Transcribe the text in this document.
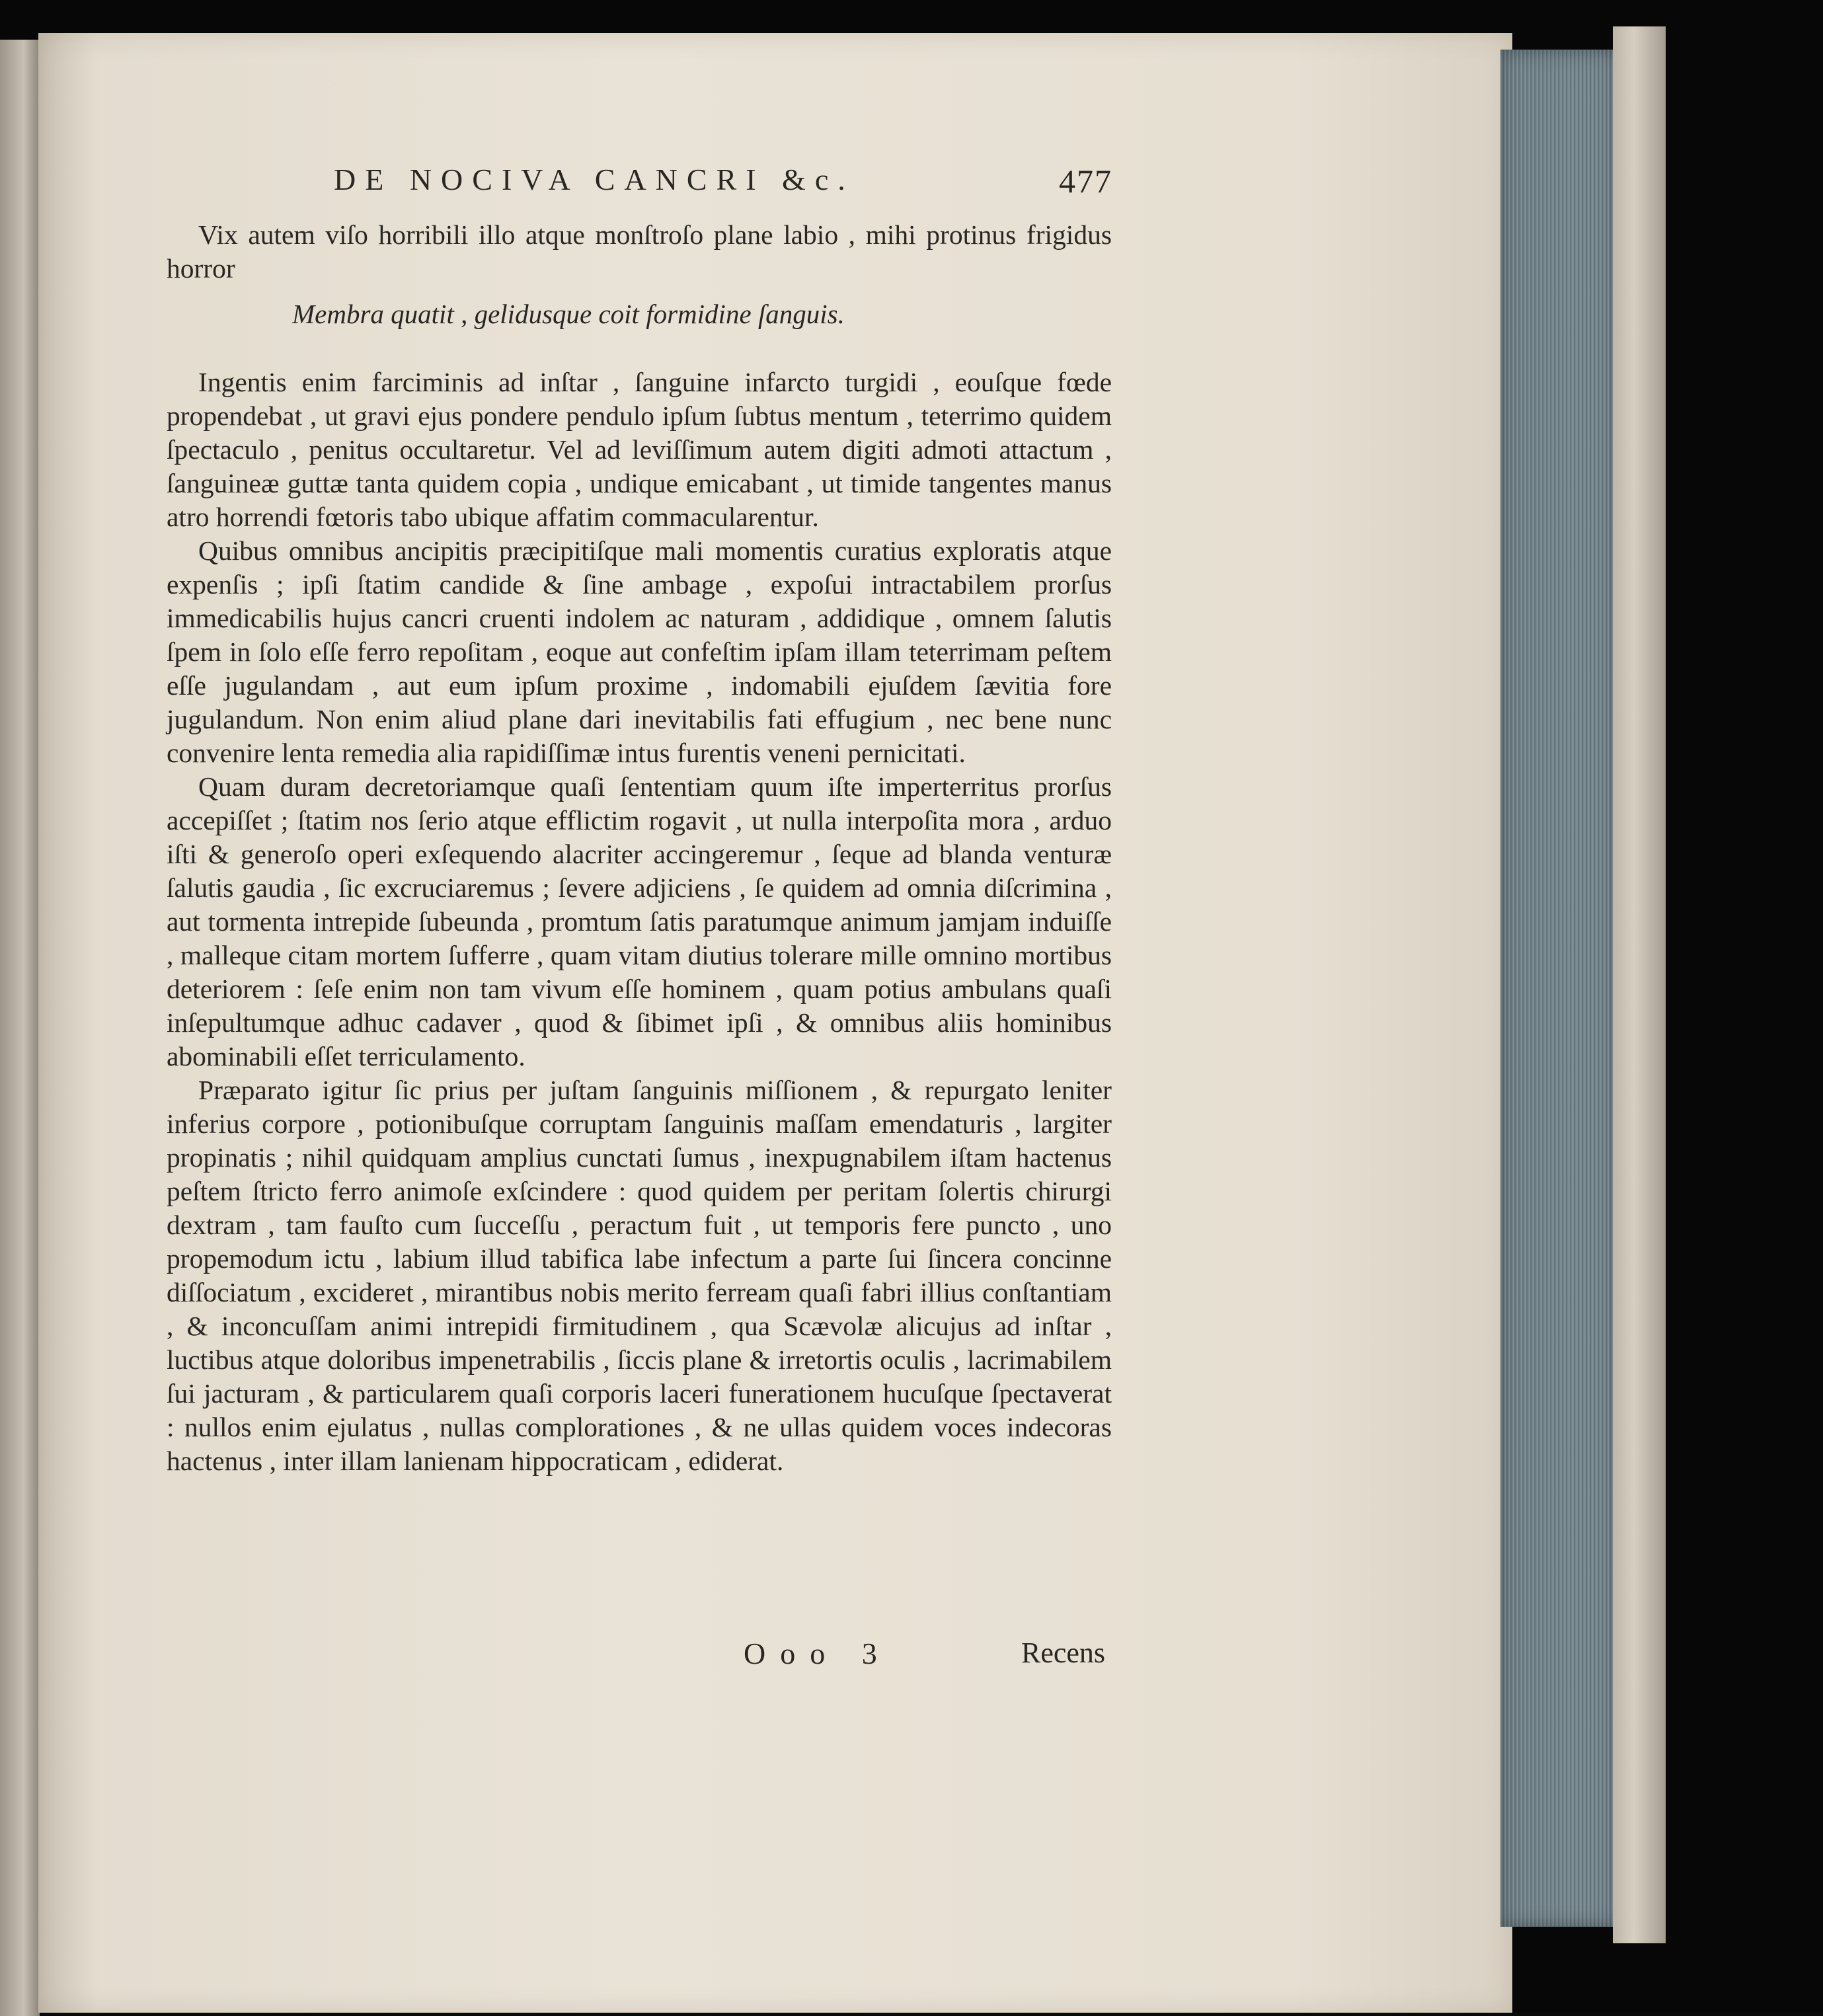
DE NOCIVA CANCRI &c.	477

Vix autem viſo horribili illo atque monſtroſo plane labio , mihi protinus frigidus horror

Membra quatit , gelidusque coit formidine ſanguis.

Ingentis enim farciminis ad inſtar , ſanguine infarcto turgidi , eouſque fœde propendebat , ut gravi ejus pondere pendulo ipſum ſubtus mentum , teterrimo quidem ſpectaculo , penitus occultaretur. Vel ad leviſſimum autem digiti admoti attactum , ſanguineæ guttæ tanta quidem copia , undique emicabant , ut timide tangentes manus atro horrendi fœtoris tabo ubique affatim commacularentur.

Quibus omnibus ancipitis præcipitiſque mali momentis curatius exploratis atque expenſis ; ipſi ſtatim candide & ſine ambage , expoſui intractabilem prorſus immedicabilis hujus cancri cruenti indolem ac naturam , addidique , omnem ſalutis ſpem in ſolo eſſe ferro repoſitam , eoque aut confeſtim ipſam illam teterrimam peſtem eſſe jugulandam , aut eum ipſum proxime , indomabili ejuſdem ſævitia fore jugulandum. Non enim aliud plane dari inevitabilis fati effugium , nec bene nunc convenire lenta remedia alia rapidiſſimæ intus furentis veneni pernicitati.

Quam duram decretoriamque quaſi ſententiam quum iſte imperterritus prorſus accepiſſet ; ſtatim nos ſerio atque efflictim rogavit , ut nulla interpoſita mora , arduo iſti & generoſo operi exſequendo alacriter accingeremur , ſeque ad blanda venturæ ſalutis gaudia , ſic excruciaremus ; ſevere adjiciens , ſe quidem ad omnia diſcrimina , aut tormenta intrepide ſubeunda , promtum ſatis paratumque animum jamjam induiſſe , malleque citam mortem ſufferre , quam vitam diutius tolerare mille omnino mortibus deteriorem : ſeſe enim non tam vivum eſſe hominem , quam potius ambulans quaſi inſepultumque adhuc cadaver , quod & ſibimet ipſi , & omnibus aliis hominibus abominabili eſſet terriculamento.

Præparato igitur ſic prius per juſtam ſanguinis miſſionem , & repurgato leniter inferius corpore , potionibuſque corruptam ſanguinis maſſam emendaturis , largiter propinatis ; nihil quidquam amplius cunctati ſumus , inexpugnabilem iſtam hactenus peſtem ſtricto ferro animoſe exſcindere : quod quidem per peritam ſolertis chirurgi dextram , tam fauſto cum ſucceſſu , peractum fuit , ut temporis fere puncto , uno propemodum ictu , labium illud tabifica labe infectum a parte ſui ſincera concinne diſſociatum , excideret , mirantibus nobis merito ferream quaſi fabri illius conſtantiam , & inconcuſſam animi intrepidi firmitudinem , qua Scævolæ alicujus ad inſtar , luctibus atque doloribus impenetrabilis , ſiccis plane & irretortis oculis , lacrimabilem ſui jacturam , & particularem quaſi corporis laceri funerationem hucuſque ſpectaverat : nullos enim ejulatus , nullas complorationes , & ne ullas quidem voces indecoras hactenus , inter illam lanienam hippocraticam , ediderat.

Ooo 3	Recens
